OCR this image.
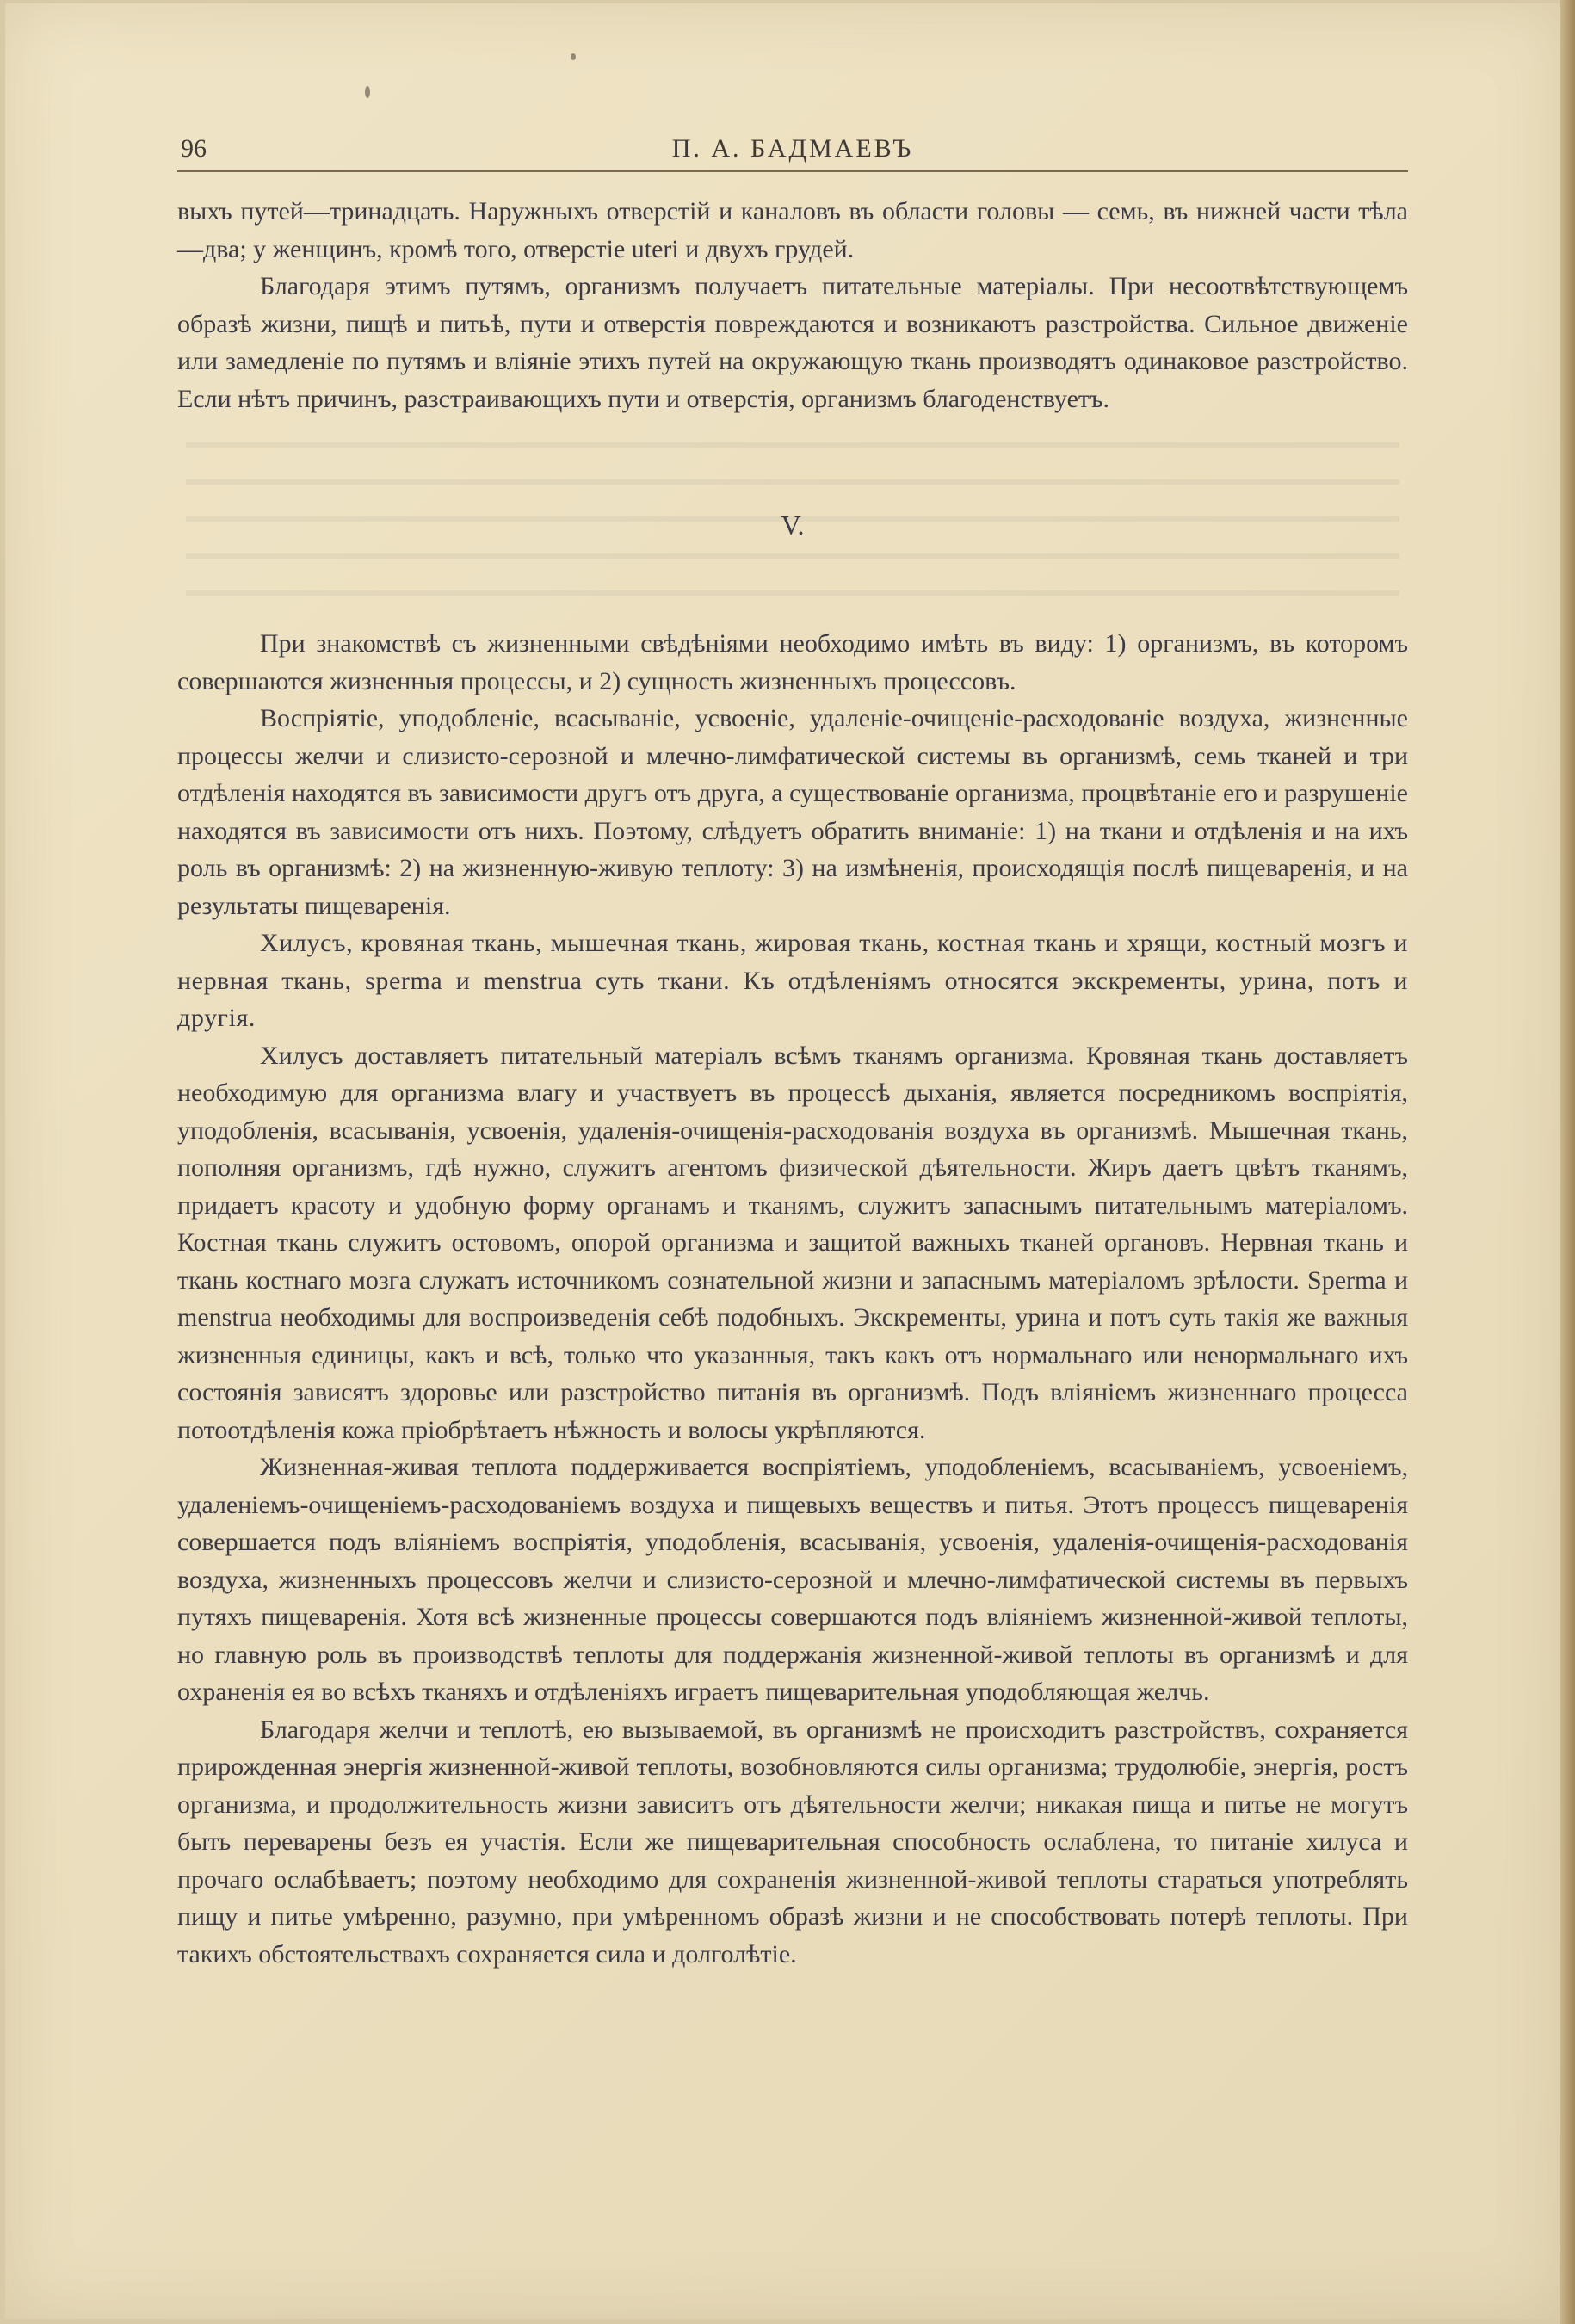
96	П. А. БАДМАЕВЪ

выхъ путей—тринадцать. Наружныхъ отверстій и каналовъ въ области головы — семь, въ нижней части тѣла—два; у женщинъ, кромѣ того, отверстіе uteri и двухъ грудей.

Благодаря этимъ путямъ, организмъ получаетъ питательные матеріалы. При несоотвѣтствующемъ образѣ жизни, пищѣ и питьѣ, пути и отверстія повреждаются и возникаютъ разстройства. Сильное движеніе или замедленіе по путямъ и вліяніе этихъ путей на окружающую ткань производятъ одинаковое разстройство. Если нѣтъ причинъ, разстраивающихъ пути и отверстія, организмъ благоденствуетъ.

V.

При знакомствѣ съ жизненными свѣдѣніями необходимо имѣть въ виду: 1) организмъ, въ которомъ совершаются жизненныя процессы, и 2) сущность жизненныхъ процессовъ.

Воспріятіе, уподобленіе, всасываніе, усвоеніе, удаленіе-очищеніе-расходованіе воздуха, жизненные процессы желчи и слизисто-серозной и млечно-лимфатической системы въ организмѣ, семь тканей и три отдѣленія находятся въ зависимости другъ отъ друга, а существованіе организма, процвѣтаніе его и разрушеніе находятся въ зависимости отъ нихъ. Поэтому, слѣдуетъ обратить вниманіе: 1) на ткани и отдѣленія и на ихъ роль въ организмѣ: 2) на жизненную-живую теплоту: 3) на измѣненія, происходящія послѣ пищеваренія, и на результаты пищеваренія.

Хилусъ, кровяная ткань, мышечная ткань, жировая ткань, костная ткань и хрящи, костный мозгъ и нервная ткань, sperma и menstrua суть ткани. Къ отдѣленіямъ относятся экскременты, урина, потъ и другія.

Хилусъ доставляетъ питательный матеріалъ всѣмъ тканямъ организма. Кровяная ткань доставляетъ необходимую для организма влагу и участвуетъ въ процессѣ дыханія, является посредникомъ воспріятія, уподобленія, всасыванія, усвоенія, удаленія-очищенія-расходованія воздуха въ организмѣ. Мышечная ткань, пополняя организмъ, гдѣ нужно, служитъ агентомъ физической дѣятельности. Жиръ даетъ цвѣтъ тканямъ, придаетъ красоту и удобную форму органамъ и тканямъ, служитъ запаснымъ питательнымъ матеріаломъ. Костная ткань служитъ остовомъ, опорой организма и защитой важныхъ тканей органовъ. Нервная ткань и ткань костнаго мозга служатъ источникомъ сознательной жизни и запаснымъ матеріаломъ зрѣлости. Sperma и menstrua необходимы для воспроизведенія себѣ подобныхъ. Экскременты, урина и потъ суть такія же важныя жизненныя единицы, какъ и всѣ, только что указанныя, такъ какъ отъ нормальнаго или ненормальнаго ихъ состоянія зависятъ здоровье или разстройство питанія въ организмѣ. Подъ вліяніемъ жизненнаго процесса потоотдѣленія кожа пріобрѣтаетъ нѣжность и волосы укрѣпляются.

Жизненная-живая теплота поддерживается воспріятіемъ, уподобленіемъ, всасываніемъ, усвоеніемъ, удаленіемъ-очищеніемъ-расходованіемъ воздуха и пищевыхъ веществъ и питья. Этотъ процессъ пищеваренія совершается подъ вліяніемъ воспріятія, уподобленія, всасыванія, усвоенія, удаленія-очищенія-расходованія воздуха, жизненныхъ процессовъ желчи и слизисто-серозной и млечно-лимфатической системы въ первыхъ путяхъ пищеваренія. Хотя всѣ жизненные процессы совершаются подъ вліяніемъ жизненной-живой теплоты, но главную роль въ производствѣ теплоты для поддержанія жизненной-живой теплоты въ организмѣ и для охраненія ея во всѣхъ тканяхъ и отдѣленіяхъ играетъ пищеварительная уподобляющая желчь.

Благодаря желчи и теплотѣ, ею вызываемой, въ организмѣ не происходитъ разстройствъ, сохраняется прирожденная энергія жизненной-живой теплоты, возобновляются силы организма; трудолюбіе, энергія, ростъ организма, и продолжительность жизни зависитъ отъ дѣятельности желчи; никакая пища и питье не могутъ быть переварены безъ ея участія. Если же пищеварительная способность ослаблена, то питаніе хилуса и прочаго ослабѣваетъ; поэтому необходимо для сохраненія жизненной-живой теплоты стараться употреблять пищу и питье умѣренно, разумно, при умѣренномъ образѣ жизни и не способствовать потерѣ теплоты. При такихъ обстоятельствахъ сохраняется сила и долголѣтіе.
